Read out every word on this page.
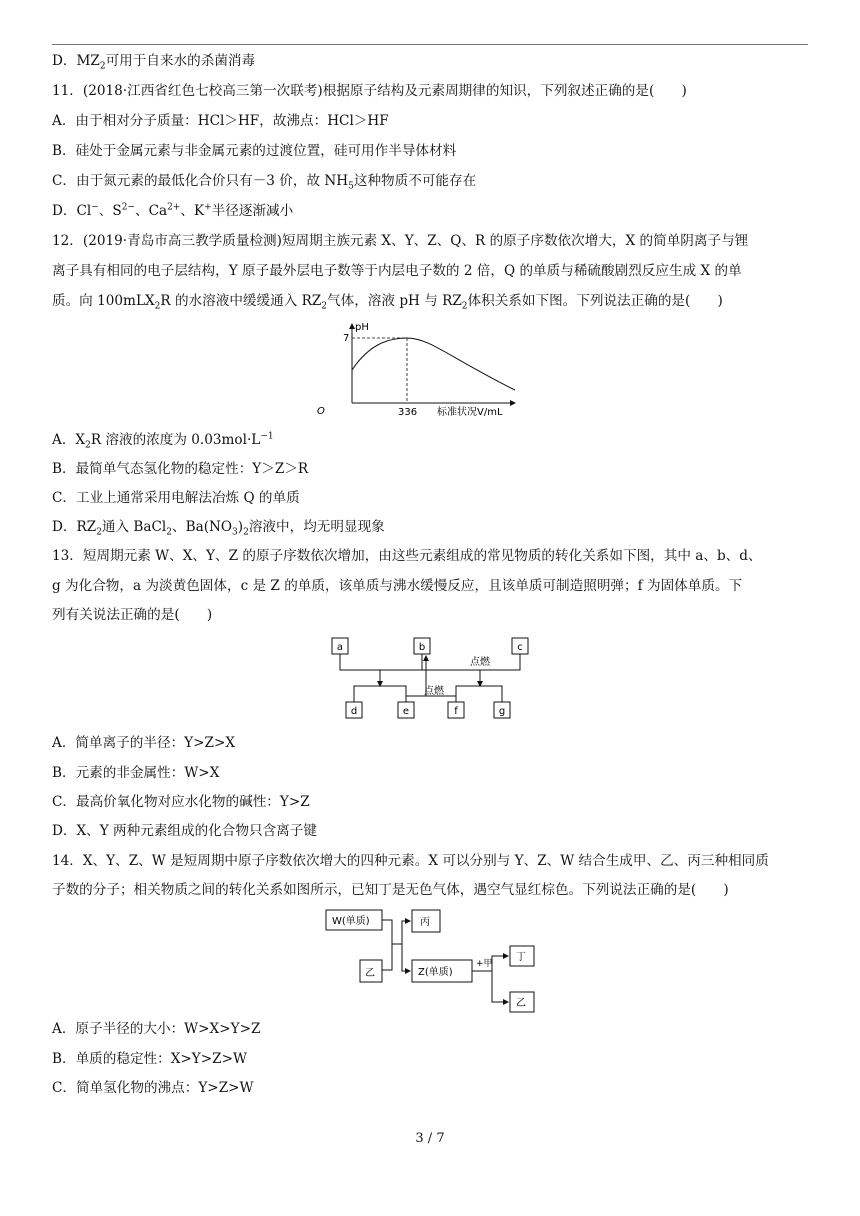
D．$MZ_2$可用于自来水的杀菌消毒
11．(2018·江西省红色七校高三第一次联考)根据原子结构及元素周期律的知识，下列叙述正确的是(　　)
A．由于相对分子质量：HCl＞HF，故沸点：HCl＞HF
B．硅处于金属元素与非金属元素的过渡位置，硅可用作半导体材料
C．由于氮元素的最低化合价只有－3 价，故 $NH_5$这种物质不可能存在
D．Cl−、$S^{2-}$、$Ca^{2+}$、K+半径逐渐减小
12．(2019·青岛市高三教学质量检测)短周期主族元素 X、Y、Z、Q、R 的原子序数依次增大，X 的简单阴离子与锂
离子具有相同的电子层结构，Y 原子最外层电子数等于内层电子数的 2 倍，Q 的单质与稀硫酸剧烈反应生成 X 的单
质。向 100mLX$_2$R 的水溶液中缓缓通入 $RZ_2$气体，溶液 pH 与 $RZ_2$体积关系如下图。下列说法正确的是(　　)
pH
7
O	336 标准状况V/mL
A．$X_2R$ 溶液的浓度为 $0.03mol\cdot L^{-1}$
B．最简单气态氢化物的稳定性：Y＞Z＞R
C．工业上通常采用电解法冶炼 Q 的单质
D．$RZ_2$通入 BaCl$_2$、$Ba(NO_3)_2$溶液中，均无明显现象
13．短周期元素 W、X、Y、Z 的原子序数依次增加，由这些元素组成的常见物质的转化关系如下图，其中 a、b、d、
g 为化合物，a 为淡黄色固体，c 是 Z 的单质，该单质与沸水缓慢反应，且该单质可制造照明弹；f 为固体单质。下
列有关说法正确的是(　　)
a	b	c
d	e	f	g
点燃
点燃
A．简单离子的半径：Y>Z>X
B．元素的非金属性：W>X
C．最高价氧化物对应水化物的碱性：Y>Z
D．X、Y 两种元素组成的化合物只含离子键
14．X、Y、Z、W 是短周期中原子序数依次增大的四种元素。X 可以分别与 Y、Z、W 结合生成甲、乙、丙三种相同质
子数的分子；相关物质之间的转化关系如图所示，已知丁是无色气体，遇空气显红棕色。下列说法正确的是(　　)
W(单质)
乙
丙
Z(单质)
+甲
丁
乙
A．原子半径的大小：W>X>Y>Z
B．单质的稳定性：X>Y>Z>W
C．简单氢化物的沸点：Y>Z>W
3 / 7
